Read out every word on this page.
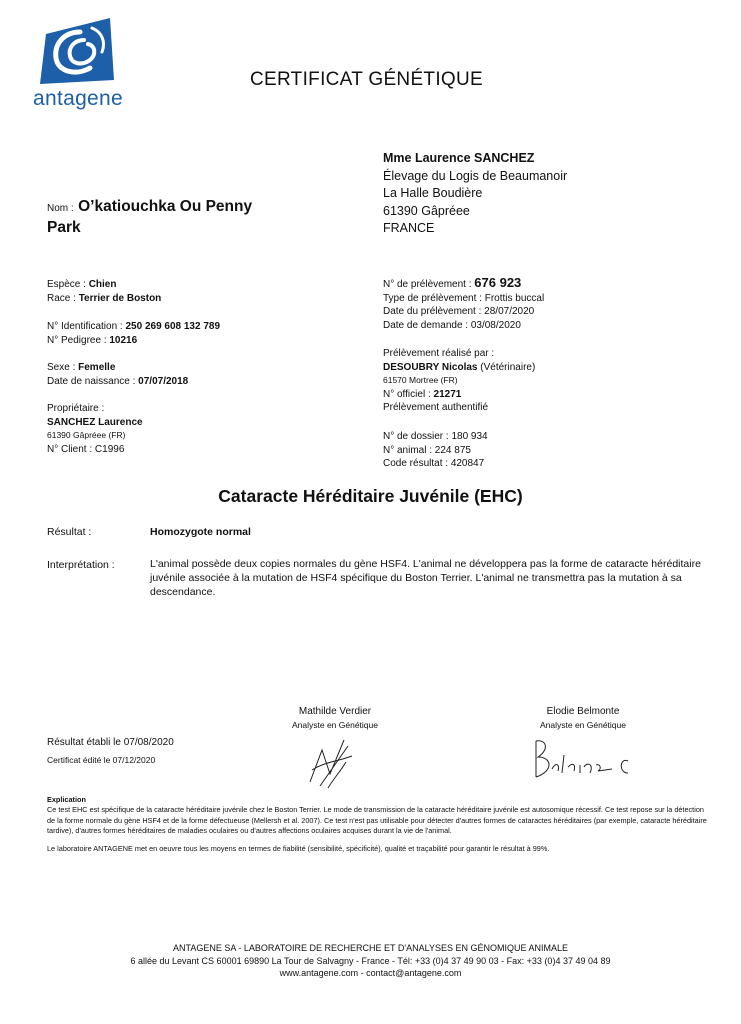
antagene
CERTIFICAT GÉNÉTIQUE
Mme Laurence SANCHEZ
Élevage du Logis de Beaumanoir
La Halle Boudière
61390 Gâpréee
FRANCE
Nom : O’katiouchka Ou Penny
Park
Espèce : Chien
Race : Terrier de Boston
N° Identification : 250 269 608 132 789
N° Pedigree : 10216
Sexe : Femelle
Date de naissance : 07/07/2018
Propriétaire :
SANCHEZ Laurence
61390 Gâpréee (FR)
N° Client : C1996
N° de prélèvement : 676 923
Type de prélèvement : Frottis buccal
Date du prélèvement : 28/07/2020
Date de demande : 03/08/2020
Prélèvement réalisé par :
DESOUBRY Nicolas (Vétérinaire)
61570 Mortree (FR)
N° officiel : 21271
Prélèvement authentifié
N° de dossier : 180 934
N° animal : 224 875
Code résultat : 420847
Cataracte Héréditaire Juvénile (EHC)
Résultat :	Homozygote normal
Interprétation :	L'animal possède deux copies normales du gène HSF4. L'animal ne développera pas la forme de cataracte héréditaire juvénile associée à la mutation de HSF4 spécifique du Boston Terrier. L'animal ne transmettra pas la mutation à sa descendance.
Mathilde Verdier
Analyste en Génétique
Elodie Belmonte
Analyste en Génétique
Résultat établi le 07/08/2020
Certificat édité le 07/12/2020
Explication
Ce test EHC est spécifique de la cataracte héréditaire juvénile chez le Boston Terrier. Le mode de transmission de la cataracte héréditaire juvénile est autosomique récessif. Ce test repose sur la détection de la forme normale du gène HSF4 et de la forme défectueuse (Mellersh et al. 2007). Ce test n'est pas utilisable pour détecter d'autres formes de cataractes héréditaires (par exemple, cataracte héréditaire tardive), d'autres formes héréditaires de maladies oculaires ou d'autres affections oculaires acquises durant la vie de l'animal.
Le laboratoire ANTAGENE met en oeuvre tous les moyens en termes de fiabilité (sensibilité, spécificité), qualité et traçabilité pour garantir le résultat à 99%.
ANTAGENE SA - LABORATOIRE DE RECHERCHE ET D'ANALYSES EN GÉNOMIQUE ANIMALE
6 allée du Levant CS 60001 69890 La Tour de Salvagny - France - Tél: +33 (0)4 37 49 90 03 - Fax: +33 (0)4 37 49 04 89
www.antagene.com - contact@antagene.com
